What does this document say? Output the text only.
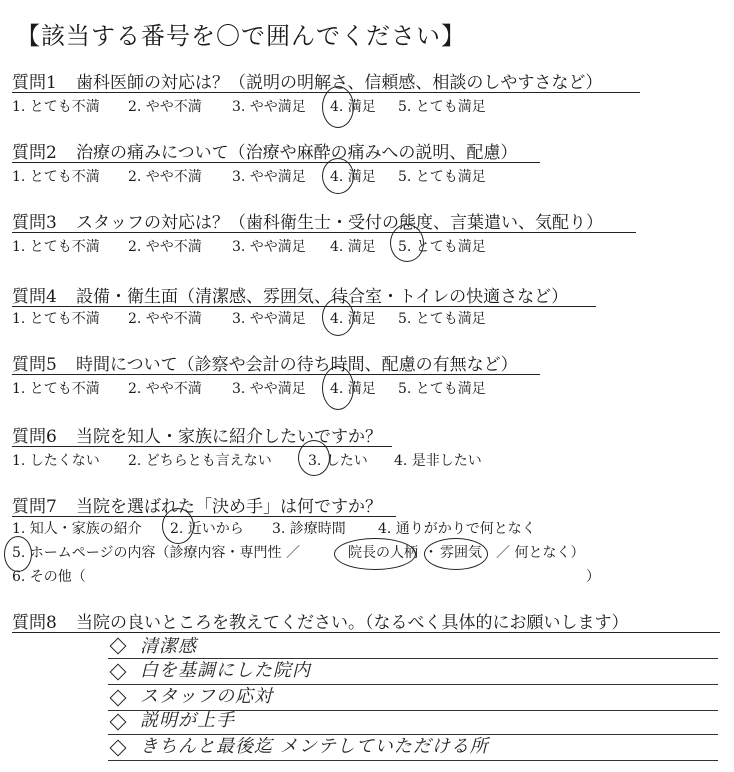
【該当する番号を〇で囲んでください】
質問1 歯科医師の対応は？（説明の明解さ、信頼感、相談のしやすさなど）
1. とても不満 2. やや不満 3. やや満足 4. 満足 5. とても満足
質問2 治療の痛みについて（治療や麻酔の痛みへの説明、配慮）
1. とても不満 2. やや不満 3. やや満足 4. 満足 5. とても満足
質問3 スタッフの対応は？（歯科衛生士・受付の態度、言葉遣い、気配り）
1. とても不満 2. やや不満 3. やや満足 4. 満足 5. とても満足
質問4 設備・衛生面（清潔感、雰囲気、待合室・トイレの快適さなど）
1. とても不満 2. やや不満 3. やや満足 4. 満足 5. とても満足
質問5 時間について（診察や会計の待ち時間、配慮の有無など）
1. とても不満 2. やや不満 3. やや満足 4. 満足 5. とても満足
質問6 当院を知人・家族に紹介したいですか？
1. したくない 2. どちらとも言えない	3. したい 4. 是非したい
質問7 当院を選ばれた「決め手」は何ですか？
1. 知人・家族の紹介 2. 近いから 3. 診療時間 4. 通りがかりで何となく
5. ホームページの内容（診療内容・専門性 ／	院長の人柄 ・ 雰囲気 ／ 何となく）
6. その他（	）
質問8 当院の良いところを教えてください。（なるべく具体的にお願いします）
清潔感
白を基調にした院内
スタッフの応対
説明が上手
きちんと最後迄 メンテしていただける所
